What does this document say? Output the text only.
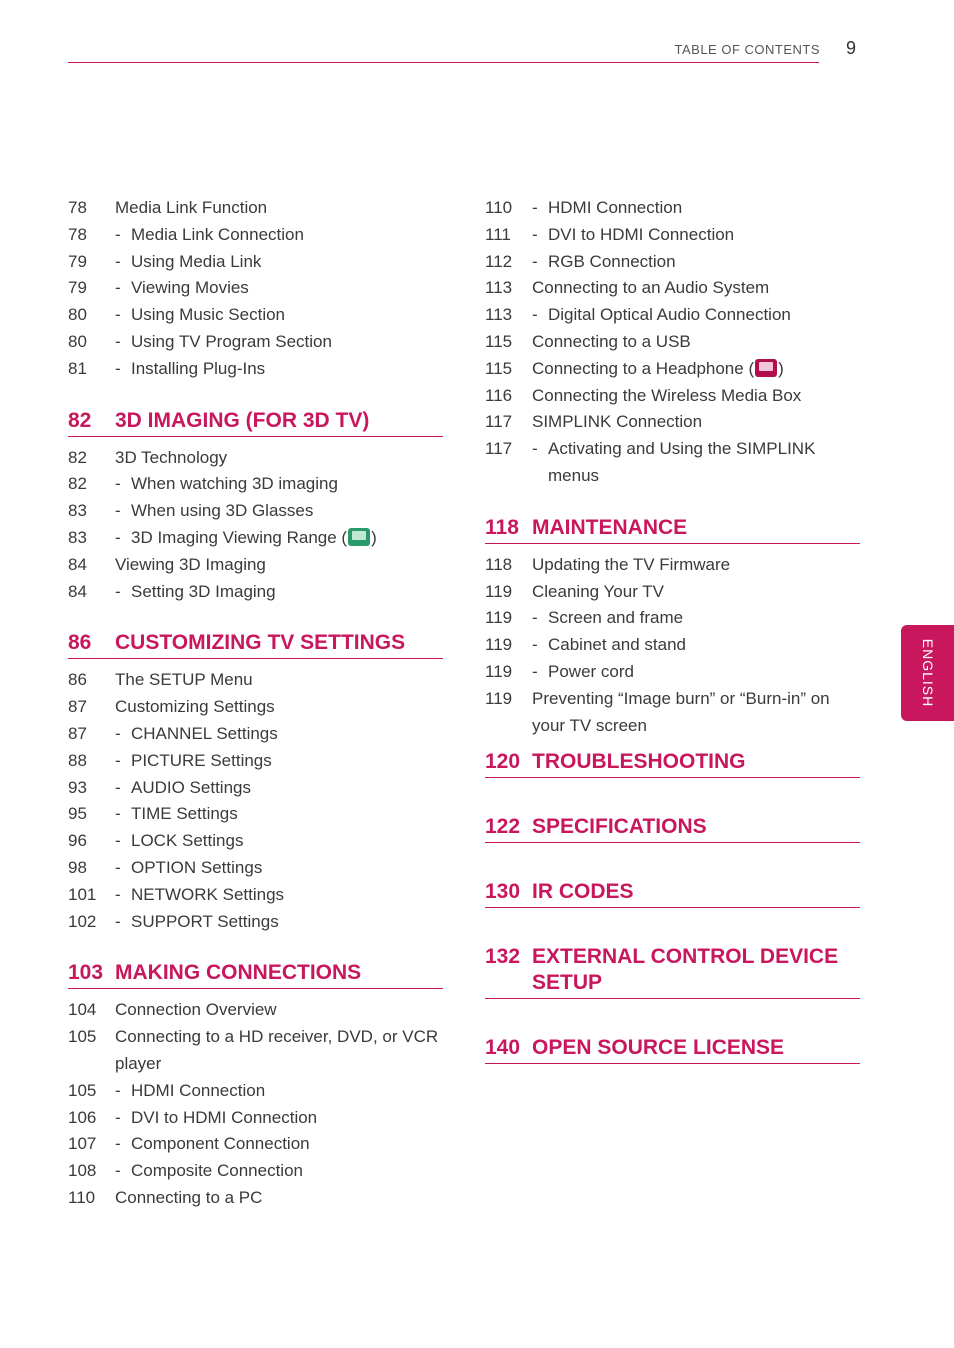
TABLE OF CONTENTS 9
ENGLISH
78	Media Link Function
78 - Media Link Connection
79 - Using Media Link
79 - Viewing Movies
80 - Using Music Section
80 - Using TV Program Section
81 - Installing Plug-Ins
82	3D IMAGING (FOR 3D TV)
82	3D Technology
82 - When watching 3D imaging
83 - When using 3D Glasses
83 - 3D Imaging Viewing Range ( )
84	Viewing 3D Imaging
84 - Setting 3D Imaging
86	CUSTOMIZING TV SETTINGS
86	The SETUP Menu
87	Customizing Settings
87 - CHANNEL Settings
88 - PICTURE Settings
93 - AUDIO Settings
95 - TIME Settings
96 - LOCK Settings
98 - OPTION Settings
101 - NETWORK Settings
102 - SUPPORT Settings
103 MAKING CONNECTIONS
104	Connection Overview
105	Connecting to a HD receiver, DVD, or VCR player
105 - HDMI Connection
106 - DVI to HDMI Connection
107 - Component Connection
108 - Composite Connection
110	Connecting to a PC
110 - HDMI Connection
111 - DVI to HDMI Connection
112 - RGB Connection
113	Connecting to an Audio System
113 - Digital Optical Audio Connection
115	Connecting to a USB
115	Connecting to a Headphone ( )
116	Connecting the Wireless Media Box
117	SIMPLINK Connection
117 - Activating and Using the SIMPLINK menus
118 MAINTENANCE
118	Updating the TV Firmware
119	Cleaning Your TV
119 - Screen and frame
119 - Cabinet and stand
119 - Power cord
119	Preventing “Image burn” or “Burn-in” on your TV screen
120 TROUBLESHOOTING
122 SPECIFICATIONS
130 IR CODES
132 EXTERNAL CONTROL DEVICE SETUP
140 OPEN SOURCE LICENSE
